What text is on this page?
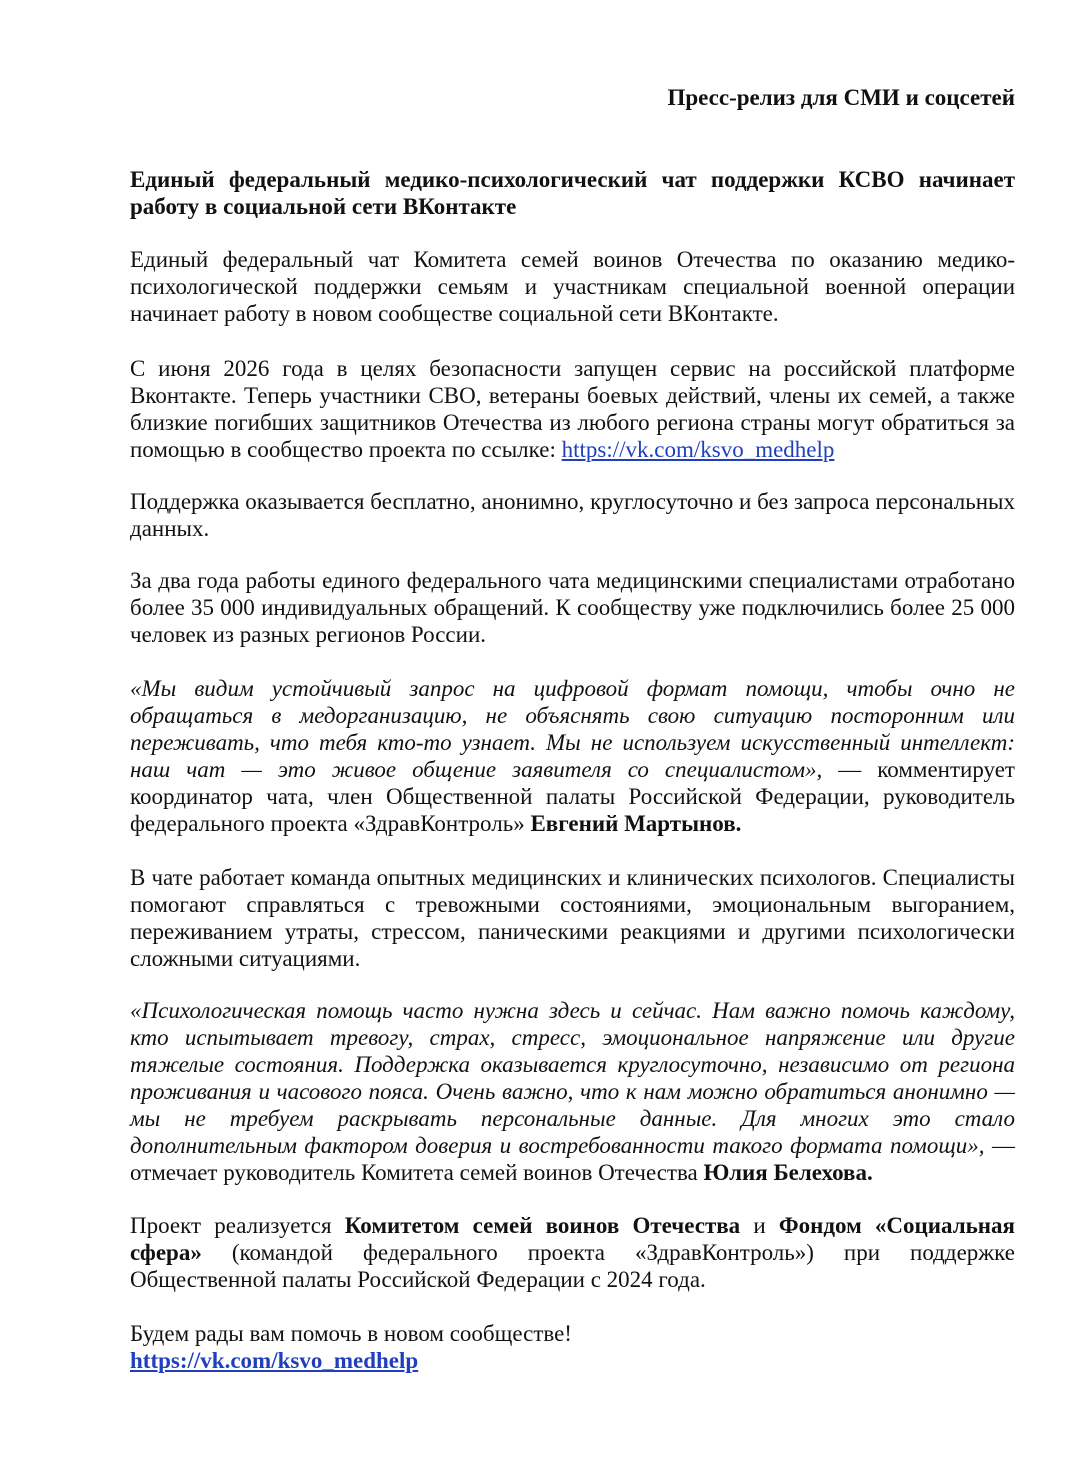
Пресс-релиз для СМИ и соцсетей
Единый федеральный медико-психологический чат поддержки КСВО начинает работу в социальной сети ВКонтакте
Единый федеральный чат Комитета семей воинов Отечества по оказанию медико-психологической поддержки семьям и участникам специальной военной операции начинает работу в новом сообществе социальной сети ВКонтакте.
С июня 2026 года в целях безопасности запущен сервис на российской платформе Вконтакте. Теперь участники СВО, ветераны боевых действий, члены их семей, а также близкие погибших защитников Отечества из любого региона страны могут обратиться за помощью в сообщество проекта по ссылке: https://vk.com/ksvo_medhelp
Поддержка оказывается бесплатно, анонимно, круглосуточно и без запроса персональных данных.
За два года работы единого федерального чата медицинскими специалистами отработано более 35 000 индивидуальных обращений. К сообществу уже подключились более 25 000 человек из разных регионов России.
«Мы видим устойчивый запрос на цифровой формат помощи, чтобы очно не обращаться в медорганизацию, не объяснять свою ситуацию посторонним или переживать, что тебя кто-то узнает. Мы не используем искусственный интеллект: наш чат — это живое общение заявителя со специалистом», — комментирует координатор чата, член Общественной палаты Российской Федерации, руководитель федерального проекта «ЗдравКонтроль» Евгений Мартынов.
В чате работает команда опытных медицинских и клинических психологов. Специалисты помогают справляться с тревожными состояниями, эмоциональным выгоранием, переживанием утраты, стрессом, паническими реакциями и другими психологически сложными ситуациями.
«Психологическая помощь часто нужна здесь и сейчас. Нам важно помочь каждому, кто испытывает тревогу, страх, стресс, эмоциональное напряжение или другие тяжелые состояния. Поддержка оказывается круглосуточно, независимо от региона проживания и часового пояса. Очень важно, что к нам можно обратиться анонимно — мы не требуем раскрывать персональные данные. Для многих это стало дополнительным фактором доверия и востребованности такого формата помощи», — отмечает руководитель Комитета семей воинов Отечества Юлия Белехова.
Проект реализуется Комитетом семей воинов Отечества и Фондом «Социальная сфера» (командой федерального проекта «ЗдравКонтроль») при поддержке Общественной палаты Российской Федерации с 2024 года.
Будем рады вам помочь в новом сообществе!
https://vk.com/ksvo_medhelp
